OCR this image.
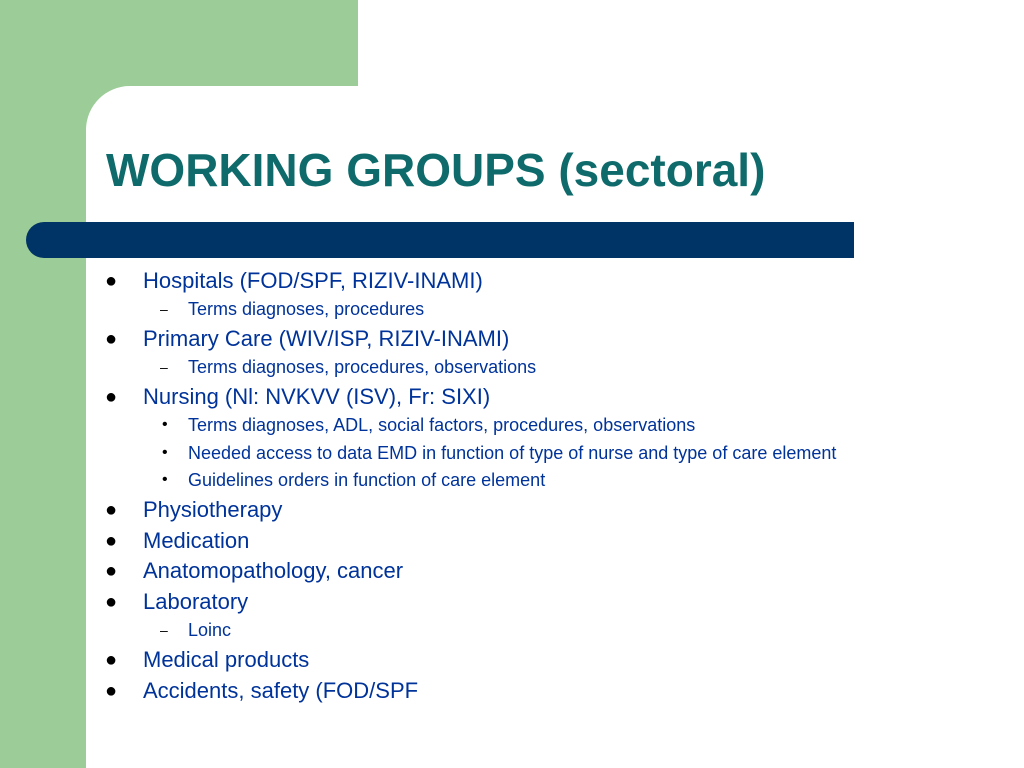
WORKING GROUPS (sectoral)
● Hospitals (FOD/SPF, RIZIV-INAMI)
– Terms diagnoses, procedures
● Primary Care (WIV/ISP, RIZIV-INAMI)
– Terms diagnoses, procedures, observations
● Nursing (Nl: NVKVV (ISV), Fr: SIXI)
• Terms diagnoses, ADL, social factors, procedures, observations
• Needed access to data EMD in function of type of nurse and type of care element
• Guidelines orders in function of care element
● Physiotherapy
● Medication
● Anatomopathology, cancer
● Laboratory
– Loinc
● Medical products
● Accidents, safety (FOD/SPF
